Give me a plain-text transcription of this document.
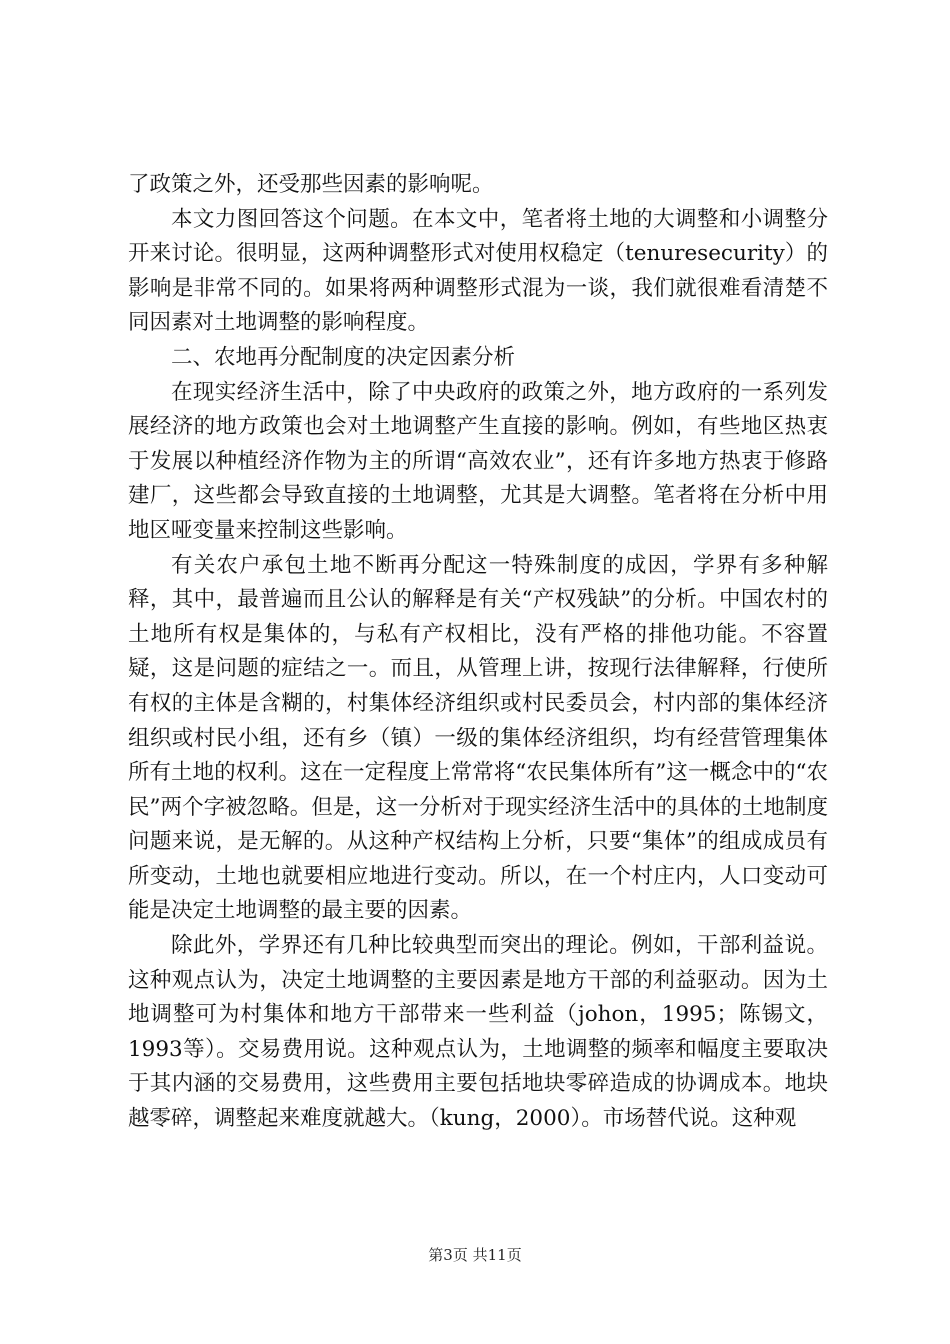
了政策之外，还受那些因素的影响呢。

本文力图回答这个问题。在本文中，笔者将土地的大调整和小调整分开来讨论。很明显，这两种调整形式对使用权稳定（tenuresecurity）的影响是非常不同的。如果将两种调整形式混为一谈，我们就很难看清楚不同因素对土地调整的影响程度。

二、农地再分配制度的决定因素分析

在现实经济生活中，除了中央政府的政策之外，地方政府的一系列发展经济的地方政策也会对土地调整产生直接的影响。例如，有些地区热衷于发展以种植经济作物为主的所谓“高效农业”，还有许多地方热衷于修路建厂，这些都会导致直接的土地调整，尤其是大调整。笔者将在分析中用地区哑变量来控制这些影响。

有关农户承包土地不断再分配这一特殊制度的成因，学界有多种解释，其中，最普遍而且公认的解释是有关“产权残缺”的分析。中国农村的土地所有权是集体的，与私有产权相比，没有严格的排他功能。不容置疑，这是问题的症结之一。而且，从管理上讲，按现行法律解释，行使所有权的主体是含糊的，村集体经济组织或村民委员会，村内部的集体经济组织或村民小组，还有乡（镇）一级的集体经济组织，均有经营管理集体所有土地的权利。这在一定程度上常常将“农民集体所有”这一概念中的“农民”两个字被忽略。但是，这一分析对于现实经济生活中的具体的土地制度问题来说，是无解的。从这种产权结构上分析，只要“集体”的组成成员有所变动，土地也就要相应地进行变动。所以，在一个村庄内，人口变动可能是决定土地调整的最主要的因素。

除此外，学界还有几种比较典型而突出的理论。例如，干部利益说。这种观点认为，决定土地调整的主要因素是地方干部的利益驱动。因为土地调整可为村集体和地方干部带来一些利益（johon，1995；陈锡文，1993等）。交易费用说。这种观点认为，土地调整的频率和幅度主要取决于其内涵的交易费用，这些费用主要包括地块零碎造成的协调成本。地块越零碎，调整起来难度就越大。（kung，2000）。市场替代说。这种观

第3页 共11页
